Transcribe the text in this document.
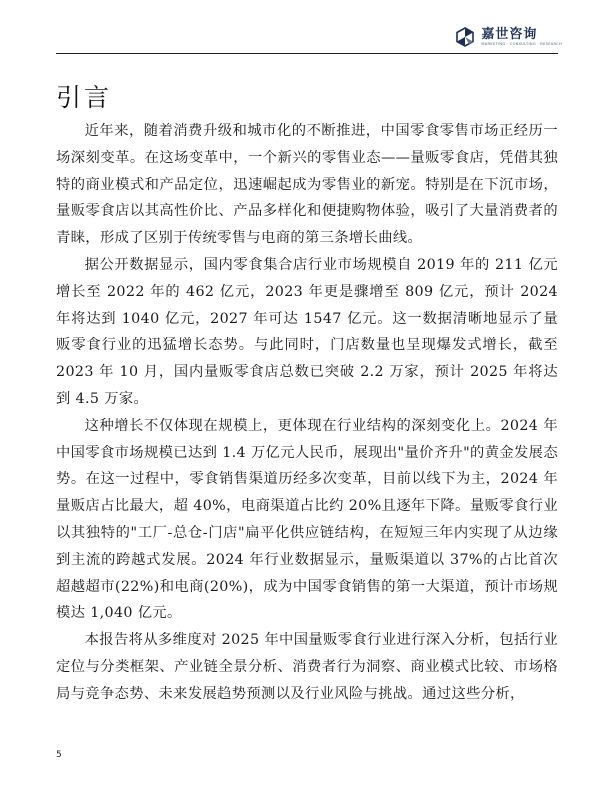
嘉世咨询
MARKETING · CONSULTING · RESEARCH
引言

近年来，随着消费升级和城市化的不断推进，中国零食零售市场正经历一场深刻变革。在这场变革中，一个新兴的零售业态——量贩零食店，凭借其独特的商业模式和产品定位，迅速崛起成为零售业的新宠。特别是在下沉市场，量贩零食店以其高性价比、产品多样化和便捷购物体验，吸引了大量消费者的青睐，形成了区别于传统零售与电商的第三条增长曲线。

据公开数据显示，国内零食集合店行业市场规模自 2019 年的 211 亿元增长至 2022 年的 462 亿元，2023 年更是骤增至 809 亿元，预计 2024 年将达到 1040 亿元，2027 年可达 1547 亿元。这一数据清晰地显示了量贩零食行业的迅猛增长态势。与此同时，门店数量也呈现爆发式增长，截至 2023 年 10 月，国内量贩零食店总数已突破 2.2 万家，预计 2025 年将达到 4.5 万家。

这种增长不仅体现在规模上，更体现在行业结构的深刻变化上。2024 年中国零食市场规模已达到 1.4 万亿元人民币，展现出"量价齐升"的黄金发展态势。在这一过程中，零食销售渠道历经多次变革，目前以线下为主，2024 年量贩店占比最大，超 40%，电商渠道占比约 20%且逐年下降。量贩零食行业以其独特的"工厂-总仓-门店"扁平化供应链结构，在短短三年内实现了从边缘到主流的跨越式发展。2024 年行业数据显示，量贩渠道以 37%的占比首次超越超市(22%)和电商(20%)，成为中国零食销售的第一大渠道，预计市场规模达 1,040 亿元。

本报告将从多维度对 2025 年中国量贩零食行业进行深入分析，包括行业定位与分类框架、产业链全景分析、消费者行为洞察、商业模式比较、市场格局与竞争态势、未来发展趋势预测以及行业风险与挑战。通过这些分析，

5
